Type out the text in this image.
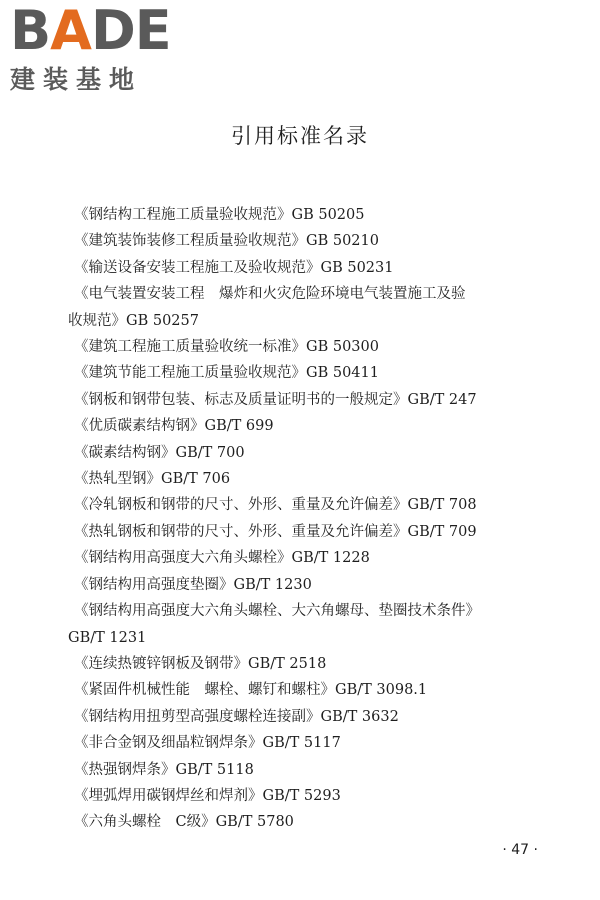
BADE
建装基地
引用标准名录
《钢结构工程施工质量验收规范》GB 50205
《建筑装饰装修工程质量验收规范》GB 50210
《输送设备安装工程施工及验收规范》GB 50231
《电气装置安装工程　爆炸和火灾危险环境电气装置施工及验
收规范》GB 50257
《建筑工程施工质量验收统一标准》GB 50300
《建筑节能工程施工质量验收规范》GB 50411
《钢板和钢带包装、标志及质量证明书的一般规定》GB/T 247
《优质碳素结构钢》GB/T 699
《碳素结构钢》GB/T 700
《热轧型钢》GB/T 706
《冷轧钢板和钢带的尺寸、外形、重量及允许偏差》GB/T 708
《热轧钢板和钢带的尺寸、外形、重量及允许偏差》GB/T 709
《钢结构用高强度大六角头螺栓》GB/T 1228
《钢结构用高强度垫圈》GB/T 1230
《钢结构用高强度大六角头螺栓、大六角螺母、垫圈技术条件》
GB/T 1231
《连续热镀锌钢板及钢带》GB/T 2518
《紧固件机械性能　螺栓、螺钉和螺柱》GB/T 3098.1
《钢结构用扭剪型高强度螺栓连接副》GB/T 3632
《非合金钢及细晶粒钢焊条》GB/T 5117
《热强钢焊条》GB/T 5118
《埋弧焊用碳钢焊丝和焊剂》GB/T 5293
《六角头螺栓　C级》GB/T 5780
· 47 ·
